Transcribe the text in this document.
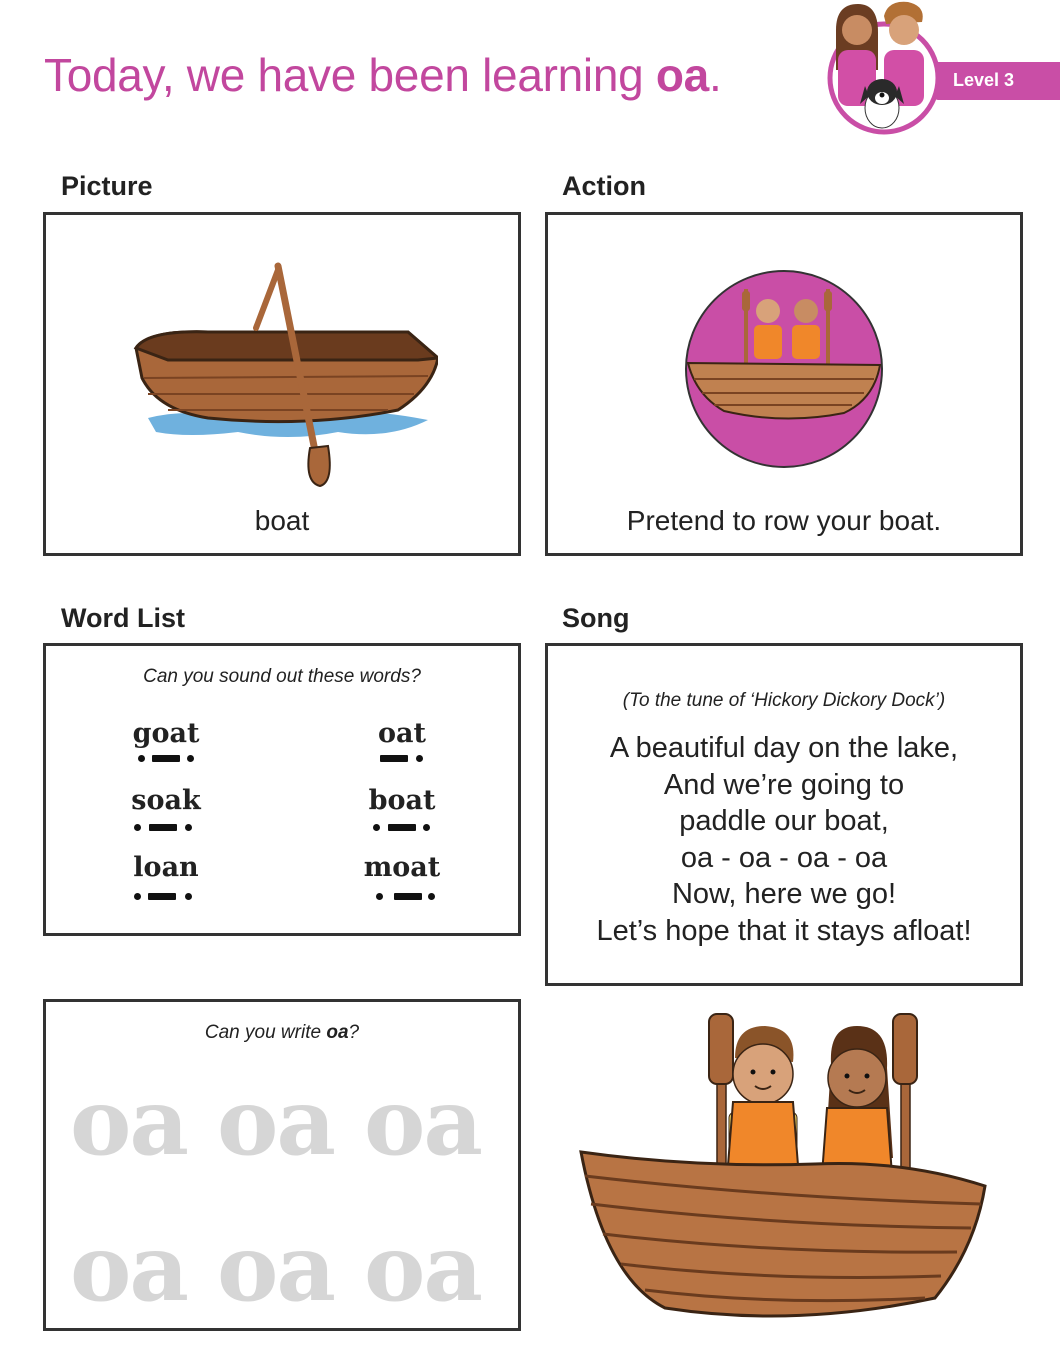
Today, we have been learning oa.	Level 3
Picture
boat
Action
Pretend to row your boat.
Word List
Can you sound out these words?
goat	oat
soak	boat
loan	moat
Song
(To the tune of ‘Hickory Dickory Dock’)
A beautiful day on the lake,
And we’re going to
paddle our boat,
oa - oa - oa - oa
Now, here we go!
Let’s hope that it stays afloat!
Can you write oa?
oa oa oa
oa oa oa
